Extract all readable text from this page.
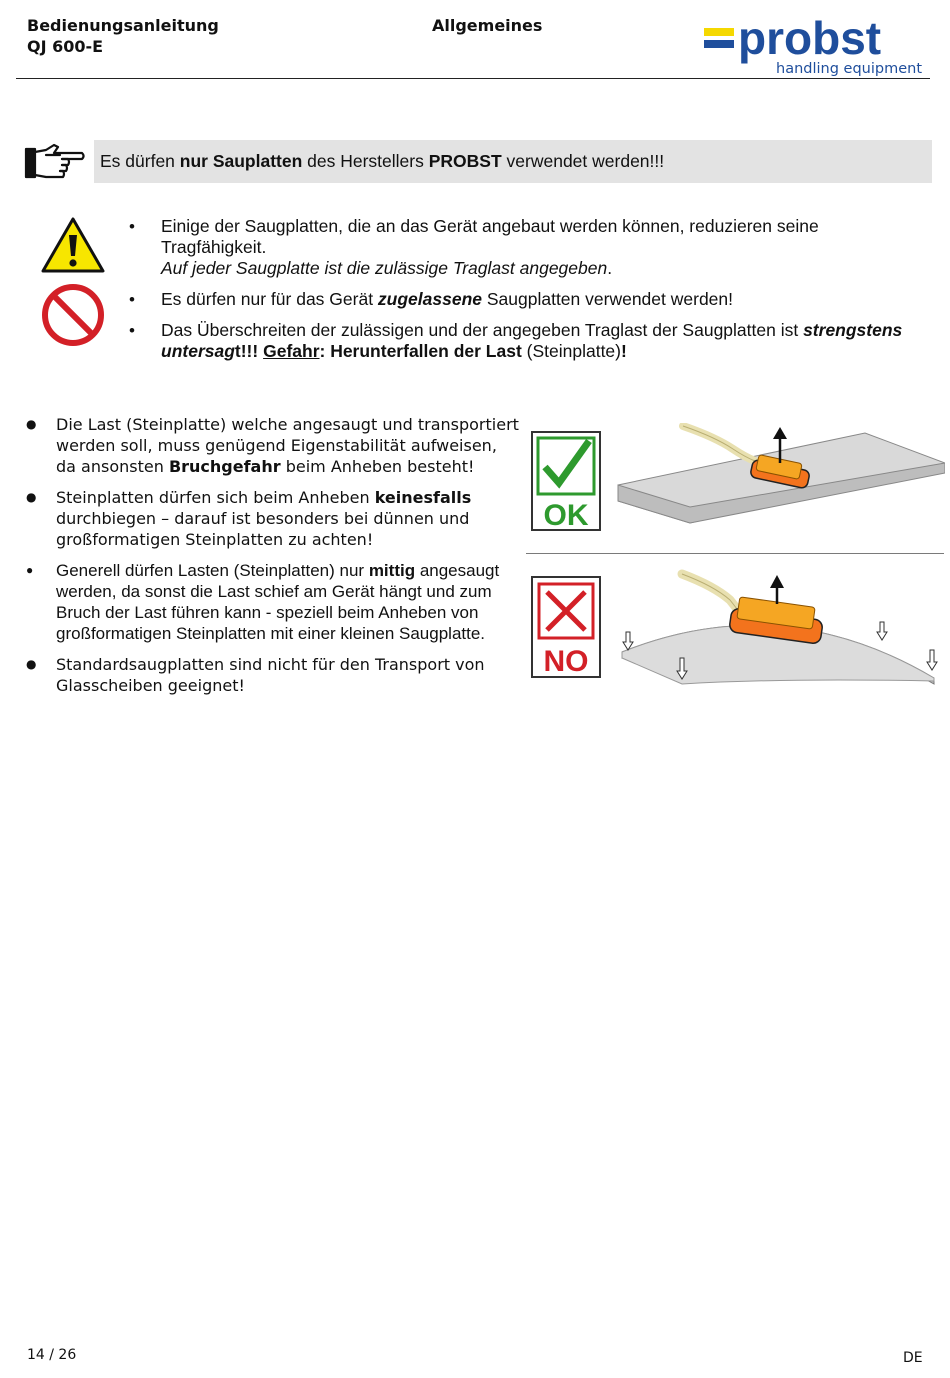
Bedienungsanleitung
QJ 600-E
Allgemeines	probst
handling equipment
Es dürfen nur Sauplatten des Herstellers PROBST verwendet werden!!!
• Einige der Saugplatten, die an das Gerät angebaut werden können, reduzieren seine Tragfähigkeit.
Auf jeder Saugplatte ist die zulässige Traglast angegeben.
• Es dürfen nur für das Gerät zugelassene Saugplatten verwendet werden!
• Das Überschreiten der zulässigen und der angegeben Traglast der Saugplatten ist strengstens untersagt!!! Gefahr: Herunterfallen der Last (Steinplatte)!
● Die Last (Steinplatte) welche angesaugt und transportiert werden soll, muss genügend Eigenstabilität aufweisen, da ansonsten Bruchgefahr beim Anheben besteht!
● Steinplatten dürfen sich beim Anheben keinesfalls durchbiegen – darauf ist besonders bei dünnen und großformatigen Steinplatten zu achten!
● Generell dürfen Lasten (Steinplatten) nur mittig angesaugt werden, da sonst die Last schief am Gerät hängt und zum Bruch der Last führen kann - speziell beim Anheben von großformatigen Steinplatten mit einer kleinen Saugplatte.
● Standardsaugplatten sind nicht für den Transport von Glasscheiben geeignet!
OK
NO
14 / 26	DE
